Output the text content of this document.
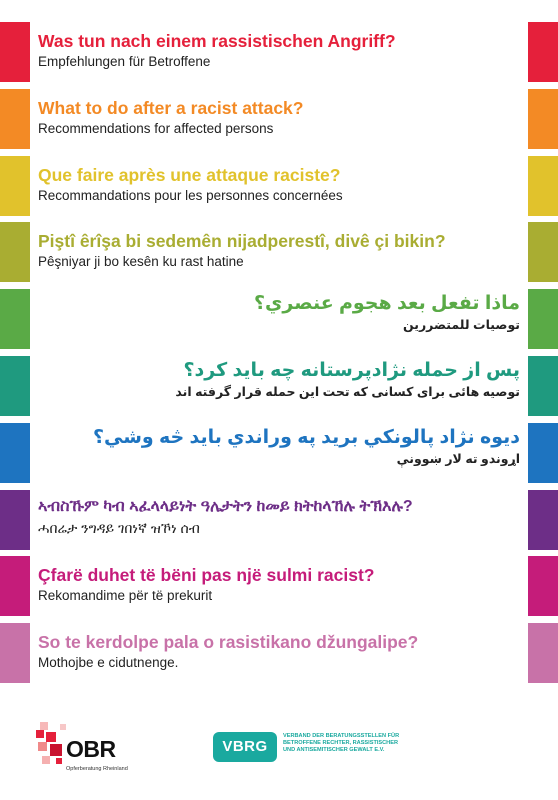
Was tun nach einem rassistischen Angriff?
Empfehlungen für Betroffene
What to do after a racist attack?
Recommendations for affected persons
Que faire après une attaque raciste?
Recommandations pour les personnes concernées
Piştî êrîşa bi sedemên nijadperestî, divê çi bikin?
Pêşniyar ji bo kesên ku rast hatine
ماذا تفعل بعد هجوم عنصري؟
توصيات للمتضررين
پس از حمله نژادپرستانه چه باید کرد؟
توصیه هائی برای کسانی که تحت این حمله قرار گرفته اند
دیوه نژاد پالونکي برید په وراندي باید څه وشي؟
اړوندو ته لار ښوونې
ኣብስኹም ካብ ኣፈላላይነት ዓሌታትን ከመይ ክትከላኸሉ ትኽእሉ?
ሓበሬታ ንግዳይ ገበነኛ ዝኾነ ሰብ
Çfarë duhet të bëni pas një sulmi racist?
Rekomandime për të prekurit
So te kerdolpe pala o rasistikano džungalipe?
Mothojbe e cidutnenge.
OBR
Opferberatung Rheinland
VBRG
VERBAND DER BERATUNGSSTELLEN FÜR BETROFFENE RECHTER, RASSISTISCHER UND ANTISEMITISCHER GEWALT E.V.
